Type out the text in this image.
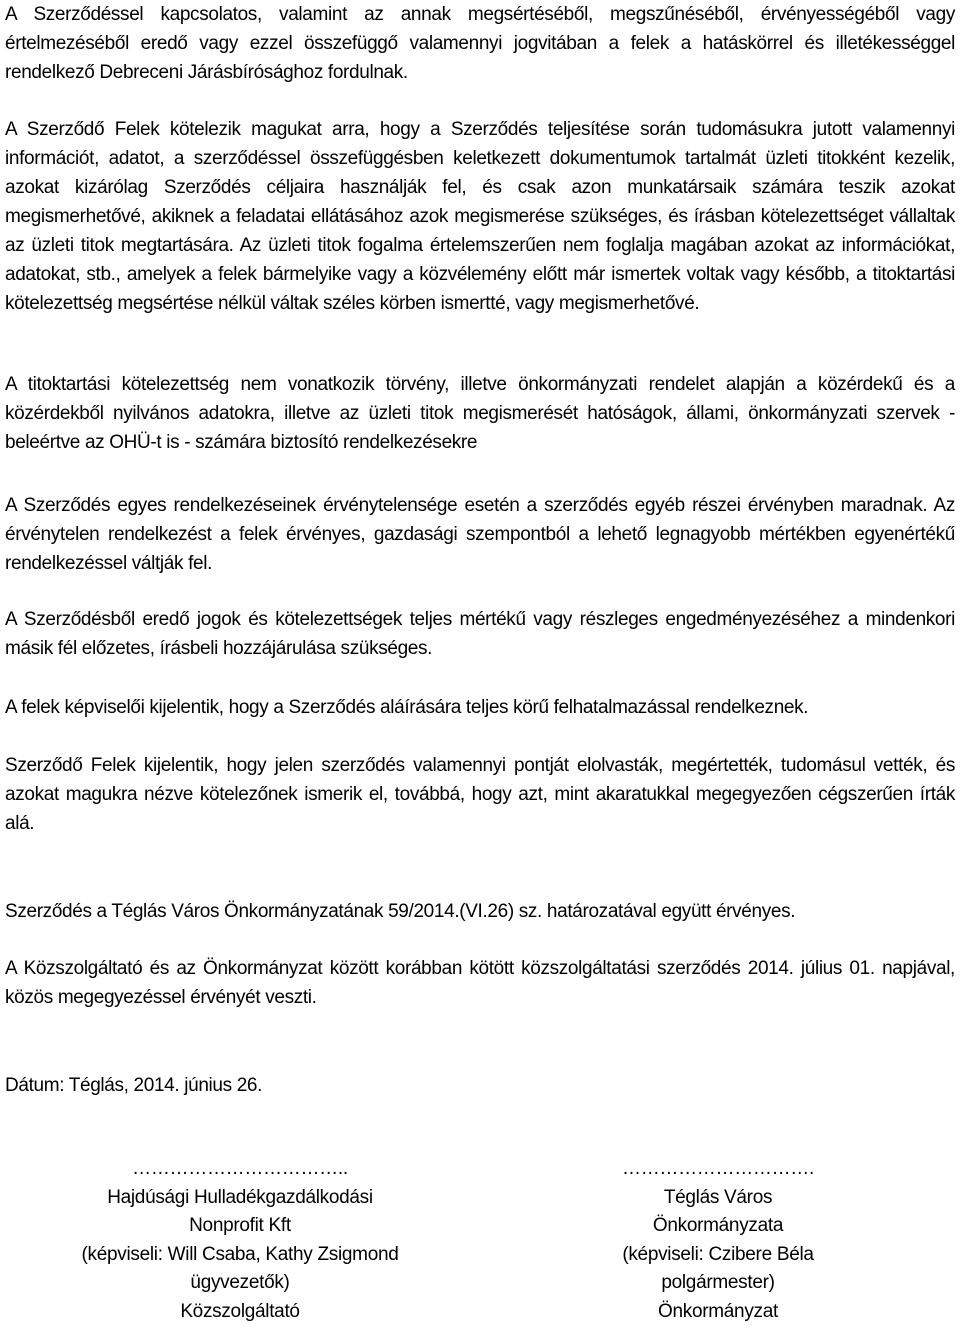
A Szerződéssel kapcsolatos, valamint az annak megsértéséből, megszűnéséből, érvényességéből vagy értelmezéséből eredő vagy ezzel összefüggő valamennyi jogvitában a felek a hatáskörrel és illetékességgel rendelkező Debreceni Járásbírósághoz fordulnak.

A Szerződő Felek kötelezik magukat arra, hogy a Szerződés teljesítése során tudomásukra jutott valamennyi információt, adatot, a szerződéssel összefüggésben keletkezett dokumentumok tartalmát üzleti titokként kezelik, azokat kizárólag Szerződés céljaira használják fel, és csak azon munkatársaik számára teszik azokat megismerhetővé, akiknek a feladatai ellátásához azok megismerése szükséges, és írásban kötelezettséget vállaltak az üzleti titok megtartására. Az üzleti titok fogalma értelemszerűen nem foglalja magában azokat az információkat, adatokat, stb., amelyek a felek bármelyike vagy a közvélemény előtt már ismertek voltak vagy később, a titoktartási kötelezettség megsértése nélkül váltak széles körben ismertté, vagy megismerhetővé.

A titoktartási kötelezettség nem vonatkozik törvény, illetve önkormányzati rendelet alapján a közérdekű és a közérdekből nyilvános adatokra, illetve az üzleti titok megismerését hatóságok, állami, önkormányzati szervek - beleértve az OHÜ-t is - számára biztosító rendelkezésekre

A Szerződés egyes rendelkezéseinek érvénytelensége esetén a szerződés egyéb részei érvényben maradnak. Az érvénytelen rendelkezést a felek érvényes, gazdasági szempontból a lehető legnagyobb mértékben egyenértékű rendelkezéssel váltják fel.

A Szerződésből eredő jogok és kötelezettségek teljes mértékű vagy részleges engedményezéséhez a mindenkori másik fél előzetes, írásbeli hozzájárulása szükséges.

A felek képviselői kijelentik, hogy a Szerződés aláírására teljes körű felhatalmazással rendelkeznek.

Szerződő Felek kijelentik, hogy jelen szerződés valamennyi pontját elolvasták, megértették, tudomásul vették, és azokat magukra nézve kötelezőnek ismerik el, továbbá, hogy azt, mint akaratukkal megegyezően cégszerűen írták alá.

Szerződés a Téglás Város Önkormányzatának 59/2014.(VI.26) sz. határozatával együtt érvényes.

A Közszolgáltató és az Önkormányzat között korábban kötött közszolgáltatási szerződés 2014. július 01. napjával, közös megegyezéssel érvényét veszti.

Dátum: Téglás, 2014. június 26.

……………………………..
Hajdúsági Hulladékgazdálkodási
Nonprofit Kft
(képviseli: Will Csaba, Kathy Zsigmond
ügyvezetők)
Közszolgáltató
………………………….
Téglás Város
Önkormányzata
(képviseli: Czibere Béla
polgármester)
Önkormányzat
